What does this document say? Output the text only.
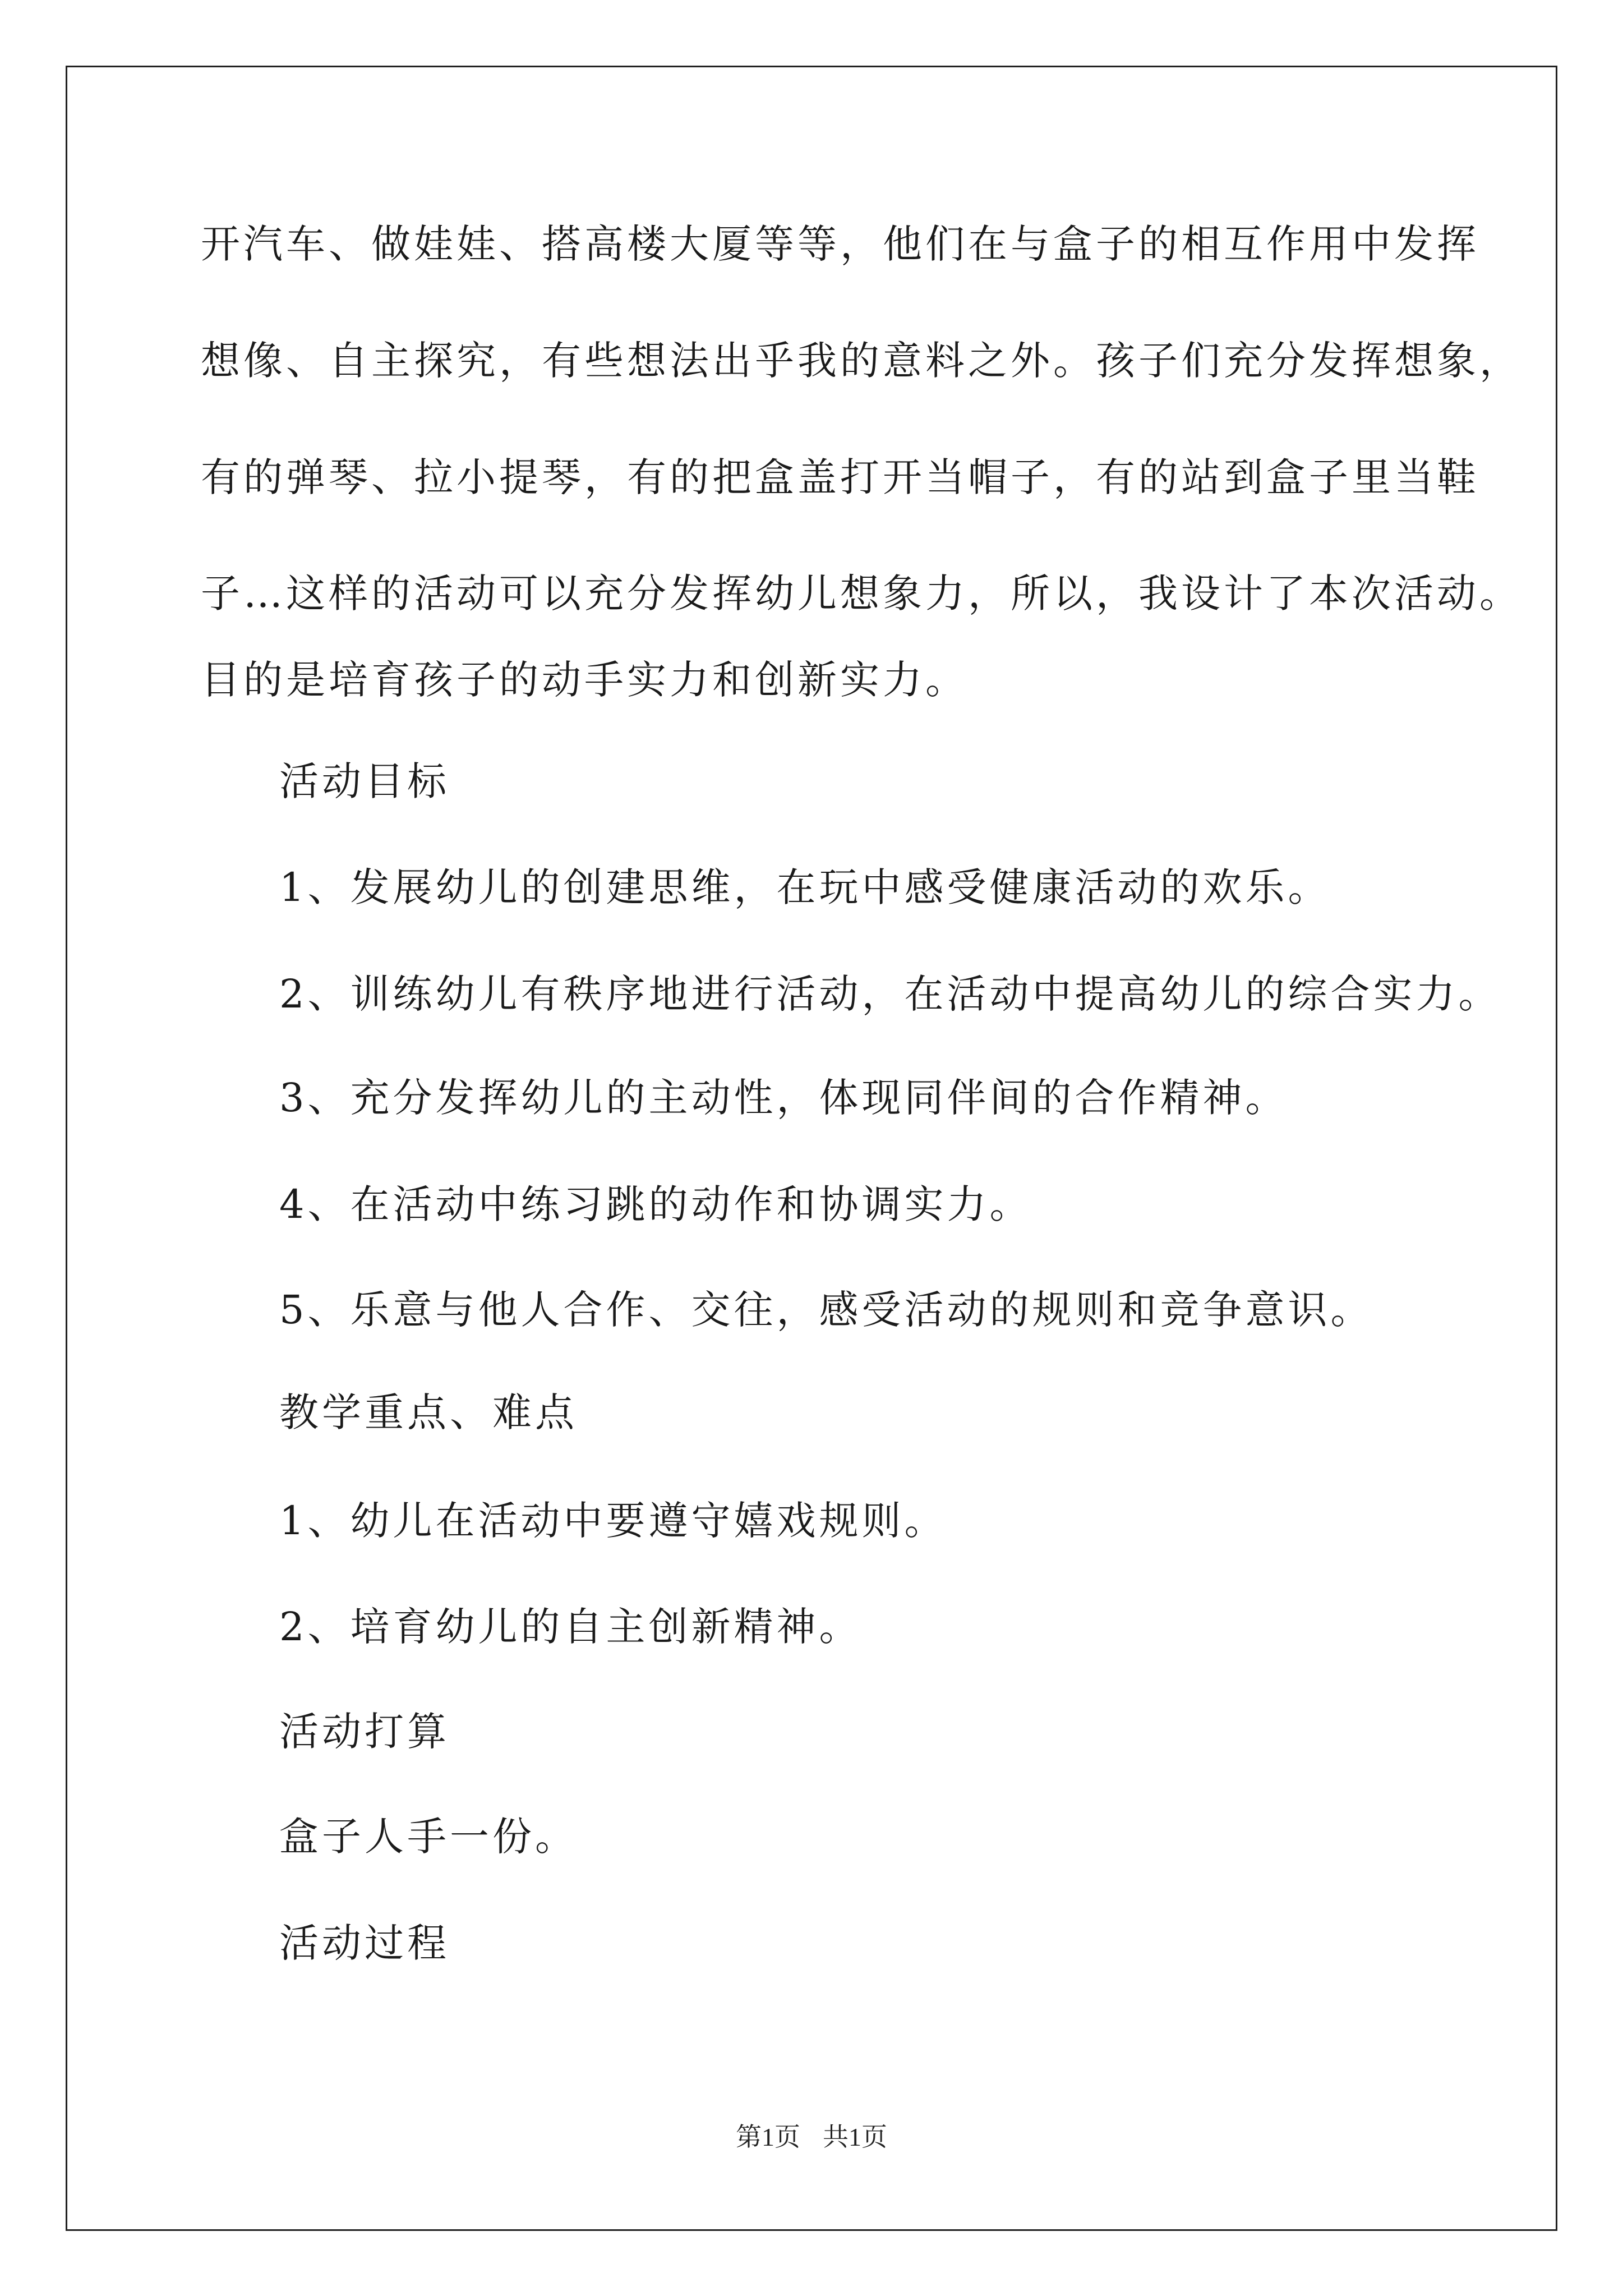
开汽车、做娃娃、搭高楼大厦等等，他们在与盒子的相互作用中发挥
想像、自主探究，有些想法出乎我的意料之外。孩子们充分发挥想象，
有的弹琴、拉小提琴，有的把盒盖打开当帽子，有的站到盒子里当鞋
子…这样的活动可以充分发挥幼儿想象力，所以，我设计了本次活动。
目的是培育孩子的动手实力和创新实力。
活动目标
1、发展幼儿的创建思维，在玩中感受健康活动的欢乐。
2、训练幼儿有秩序地进行活动，在活动中提高幼儿的综合实力。
3、充分发挥幼儿的主动性，体现同伴间的合作精神。
4、在活动中练习跳的动作和协调实力。
5、乐意与他人合作、交往，感受活动的规则和竞争意识。
教学重点、难点
1、幼儿在活动中要遵守嬉戏规则。
2、培育幼儿的自主创新精神。
活动打算
盒子人手一份。
活动过程
第1页 共1页
